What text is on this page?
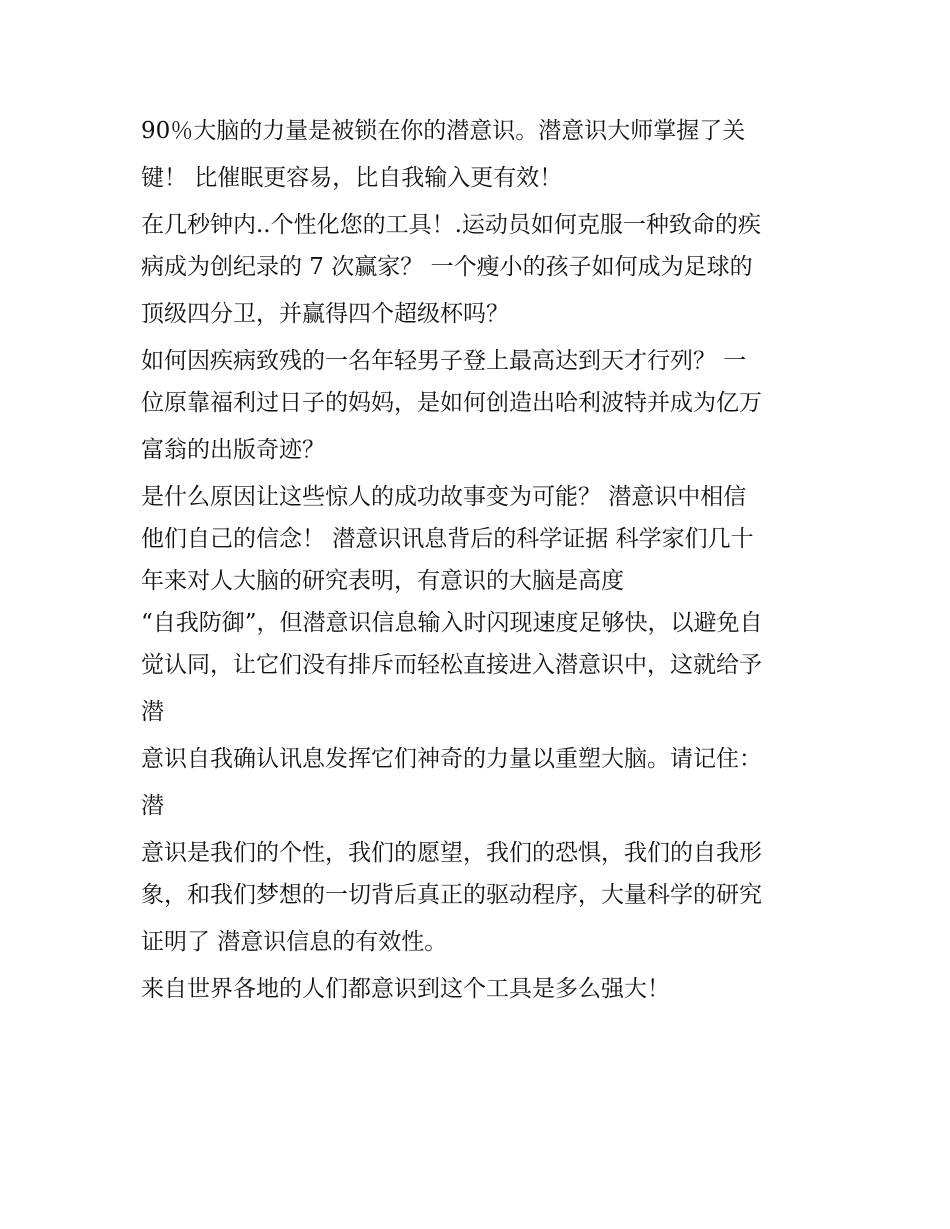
90％大脑的力量是被锁在你的潜意识。潜意识大师掌握了关
键！ 比催眠更容易，比自我输入更有效！
在几秒钟内..个性化您的工具！.运动员如何克服一种致命的疾
病成为创纪录的 7 次赢家？ 一个瘦小的孩子如何成为足球的
顶级四分卫，并赢得四个超级杯吗？
如何因疾病致残的一名年轻男子登上最高达到天才行列？ 一
位原靠福利过日子的妈妈，是如何创造出哈利波特并成为亿万
富翁的出版奇迹？
是什么原因让这些惊人的成功故事变为可能？ 潜意识中相信
他们自己的信念！ 潜意识讯息背后的科学证据 科学家们几十
年来对人大脑的研究表明，有意识的大脑是高度
“自我防御”，但潜意识信息输入时闪现速度足够快，以避免自
觉认同，让它们没有排斥而轻松直接进入潜意识中，这就给予
潜
意识自我确认讯息发挥它们神奇的力量以重塑大脑。请记住：
潜
意识是我们的个性，我们的愿望，我们的恐惧，我们的自我形
象，和我们梦想的一切背后真正的驱动程序，大量科学的研究
证明了 潜意识信息的有效性。
来自世界各地的人们都意识到这个工具是多么强大！
